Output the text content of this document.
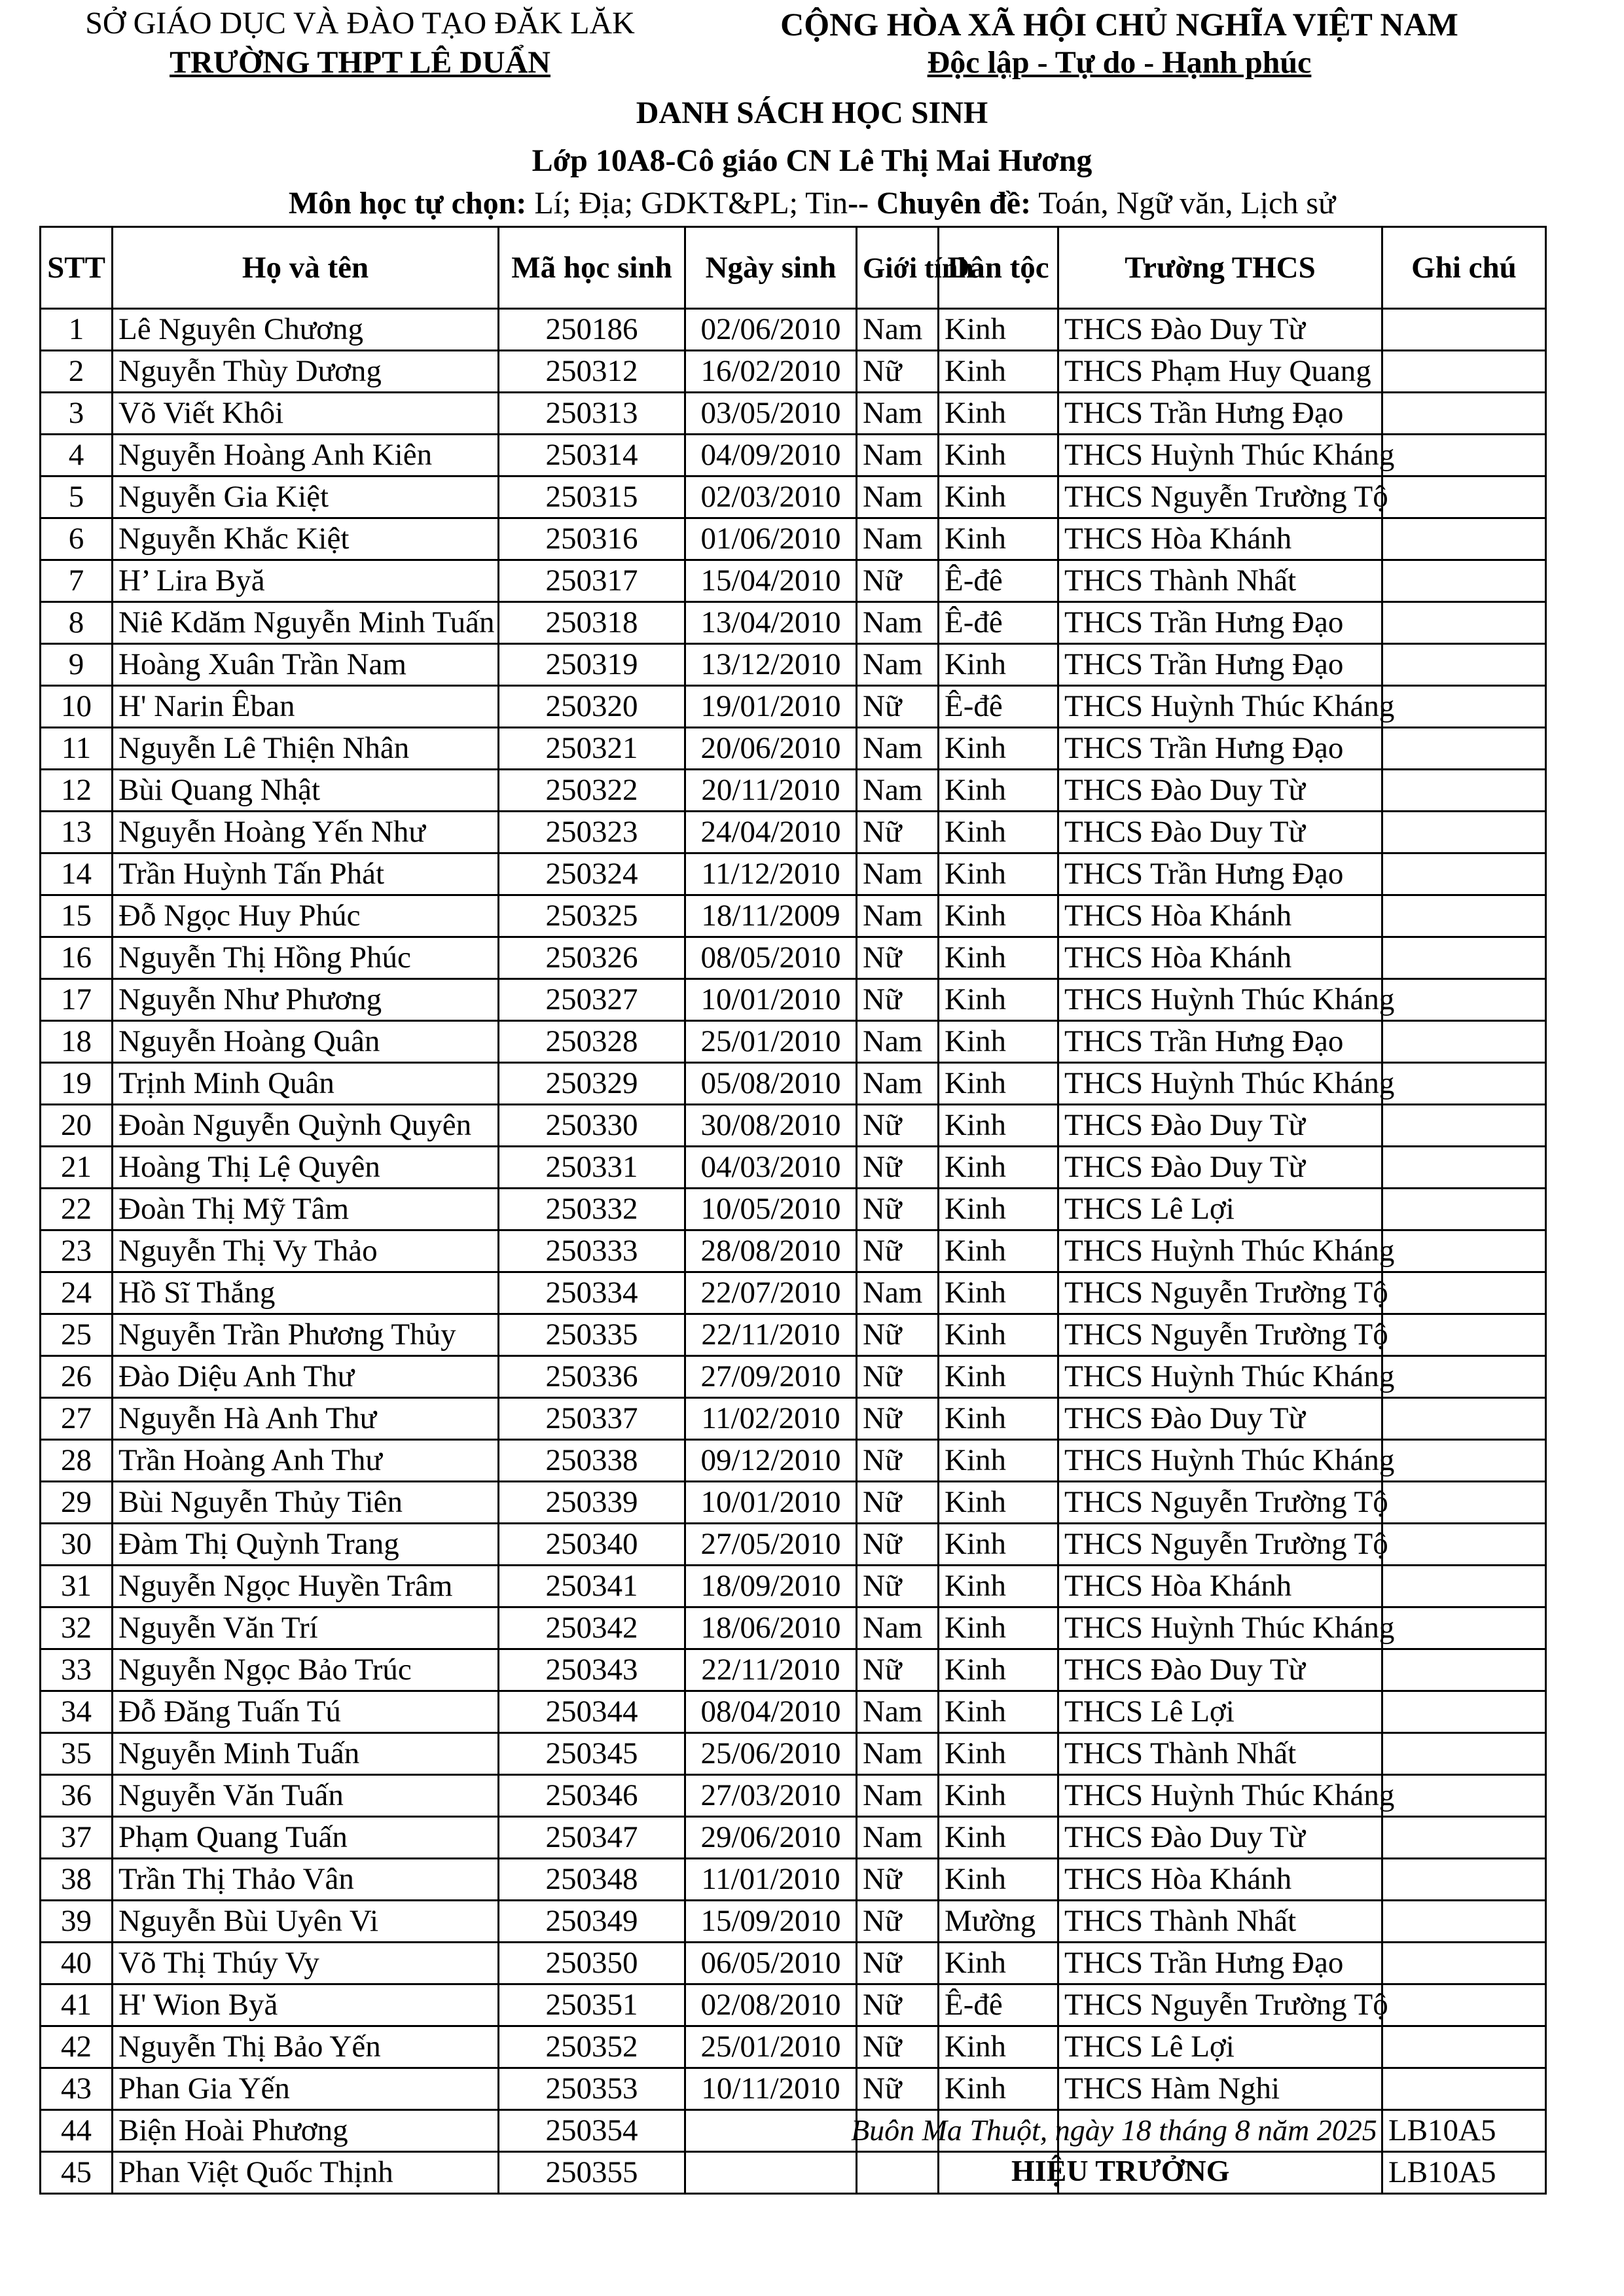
SỞ GIÁO DỤC VÀ ĐÀO TẠO ĐĂK LĂK
TRƯỜNG THPT LÊ DUẨN
CỘNG HÒA XÃ HỘI CHỦ NGHĨA VIỆT NAM
Độc lập - Tự do - Hạnh phúc
DANH SÁCH HỌC SINH
Lớp 10A8-Cô giáo CN Lê Thị Mai Hương
Môn học tự chọn: Lí; Địa; GDKT&PL; Tin-- Chuyên đề: Toán, Ngữ văn, Lịch sử
STT	Họ và tên	Mã học sinh	Ngày sinh	Giới tính	Dân tộc	Trường THCS	Ghi chú
1	Lê Nguyên Chương	250186	02/06/2010	Nam	Kinh	THCS Đào Duy Từ	
2	Nguyễn Thùy Dương	250312	16/02/2010	Nữ	Kinh	THCS Phạm Huy Quang	
3	Võ Viết Khôi	250313	03/05/2010	Nam	Kinh	THCS Trần Hưng Đạo	
4	Nguyễn Hoàng Anh Kiên	250314	04/09/2010	Nam	Kinh	THCS Huỳnh Thúc Kháng	
5	Nguyễn Gia Kiệt	250315	02/03/2010	Nam	Kinh	THCS Nguyễn Trường Tộ	
6	Nguyễn Khắc Kiệt	250316	01/06/2010	Nam	Kinh	THCS Hòa Khánh	
7	H’ Lira Byă	250317	15/04/2010	Nữ	Ê-đê	THCS Thành Nhất	
8	Niê Kdăm Nguyễn Minh Tuấn	250318	13/04/2010	Nam	Ê-đê	THCS Trần Hưng Đạo	
9	Hoàng Xuân Trần Nam	250319	13/12/2010	Nam	Kinh	THCS Trần Hưng Đạo	
10	H' Narin Êban	250320	19/01/2010	Nữ	Ê-đê	THCS Huỳnh Thúc Kháng	
11	Nguyễn Lê Thiện Nhân	250321	20/06/2010	Nam	Kinh	THCS Trần Hưng Đạo	
12	Bùi Quang Nhật	250322	20/11/2010	Nam	Kinh	THCS Đào Duy Từ	
13	Nguyễn Hoàng Yến Như	250323	24/04/2010	Nữ	Kinh	THCS Đào Duy Từ	
14	Trần Huỳnh Tấn Phát	250324	11/12/2010	Nam	Kinh	THCS Trần Hưng Đạo	
15	Đỗ Ngọc Huy Phúc	250325	18/11/2009	Nam	Kinh	THCS Hòa Khánh	
16	Nguyễn Thị Hồng Phúc	250326	08/05/2010	Nữ	Kinh	THCS Hòa Khánh	
17	Nguyễn Như Phương	250327	10/01/2010	Nữ	Kinh	THCS Huỳnh Thúc Kháng	
18	Nguyễn Hoàng Quân	250328	25/01/2010	Nam	Kinh	THCS Trần Hưng Đạo	
19	Trịnh Minh Quân	250329	05/08/2010	Nam	Kinh	THCS Huỳnh Thúc Kháng	
20	Đoàn Nguyễn Quỳnh Quyên	250330	30/08/2010	Nữ	Kinh	THCS Đào Duy Từ	
21	Hoàng Thị Lệ Quyên	250331	04/03/2010	Nữ	Kinh	THCS Đào Duy Từ	
22	Đoàn Thị Mỹ Tâm	250332	10/05/2010	Nữ	Kinh	THCS Lê Lợi	
23	Nguyễn Thị Vy Thảo	250333	28/08/2010	Nữ	Kinh	THCS Huỳnh Thúc Kháng	
24	Hồ Sĩ Thắng	250334	22/07/2010	Nam	Kinh	THCS Nguyễn Trường Tộ	
25	Nguyễn Trần Phương Thủy	250335	22/11/2010	Nữ	Kinh	THCS Nguyễn Trường Tộ	
26	Đào Diệu Anh Thư	250336	27/09/2010	Nữ	Kinh	THCS Huỳnh Thúc Kháng	
27	Nguyễn Hà Anh Thư	250337	11/02/2010	Nữ	Kinh	THCS Đào Duy Từ	
28	Trần Hoàng Anh Thư	250338	09/12/2010	Nữ	Kinh	THCS Huỳnh Thúc Kháng	
29	Bùi Nguyễn Thủy Tiên	250339	10/01/2010	Nữ	Kinh	THCS Nguyễn Trường Tộ	
30	Đàm Thị Quỳnh Trang	250340	27/05/2010	Nữ	Kinh	THCS Nguyễn Trường Tộ	
31	Nguyễn Ngọc Huyền Trâm	250341	18/09/2010	Nữ	Kinh	THCS Hòa Khánh	
32	Nguyễn Văn Trí	250342	18/06/2010	Nam	Kinh	THCS Huỳnh Thúc Kháng	
33	Nguyễn Ngọc Bảo Trúc	250343	22/11/2010	Nữ	Kinh	THCS Đào Duy Từ	
34	Đỗ Đăng Tuấn Tú	250344	08/04/2010	Nam	Kinh	THCS Lê Lợi	
35	Nguyễn Minh Tuấn	250345	25/06/2010	Nam	Kinh	THCS Thành Nhất	
36	Nguyễn Văn Tuấn	250346	27/03/2010	Nam	Kinh	THCS Huỳnh Thúc Kháng	
37	Phạm Quang Tuấn	250347	29/06/2010	Nam	Kinh	THCS Đào Duy Từ	
38	Trần Thị Thảo Vân	250348	11/01/2010	Nữ	Kinh	THCS Hòa Khánh	
39	Nguyễn Bùi Uyên Vi	250349	15/09/2010	Nữ	Mường	THCS Thành Nhất	
40	Võ Thị Thúy Vy	250350	06/05/2010	Nữ	Kinh	THCS Trần Hưng Đạo	
41	H' Wion Byă	250351	02/08/2010	Nữ	Ê-đê	THCS Nguyễn Trường Tộ	
42	Nguyễn Thị Bảo Yến	250352	25/01/2010	Nữ	Kinh	THCS Lê Lợi	
43	Phan Gia Yến	250353	10/11/2010	Nữ	Kinh	THCS Hàm Nghi	
44	Biện Hoài Phương	250354					LB10A5
45	Phan Việt Quốc Thịnh	250355					LB10A5
Buôn Ma Thuột, ngày 18 tháng 8 năm 2025
HIỆU TRƯỞNG
